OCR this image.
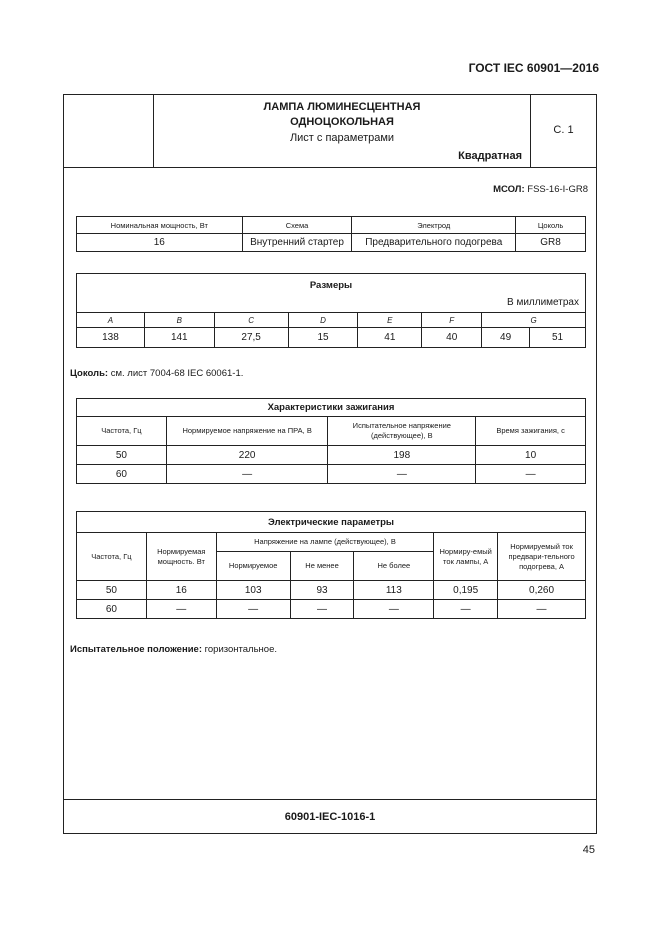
ГОСТ IEC 60901—2016
ЛАМПА ЛЮМИНЕСЦЕНТНАЯ
ОДНОЦОКОЛЬНАЯ
Лист с параметрами
Квадратная
С. 1
МСОЛ: FSS-16-I-GR8
Номинальная мощность, Вт	Схема	Электрод	Цоколь
16	Внутренний стартер	Предварительного подогрева	GR8
Размеры
В миллиметрах							

A	B	C	D	E	F	G	
138	141	27,5	15	41	40	49	51
Цоколь: см. лист 7004-68 IEC 60061-1.
Характеристики зажигания			
Частота, Гц	Нормируемое напряжение на ПРА, В	Испытательное напряжение (действующее), В	Время зажигания, с
50	220	198	10
60	—	—	—
Электрические параметры						
Частота, Гц	Нормируемая мощность. Вт	Напряжение на лампе (действующее), В			Нормиру-емый ток лампы, А	Нормируемый ток предвари-тельного подогрева, А
		Нормируемое	Не менее	Не более		
50	16	103	93	113	0,195	0,260
60	—	—	—	—	—	—
Испытательное положение: горизонтальное.
60901-IEC-1016-1
45
